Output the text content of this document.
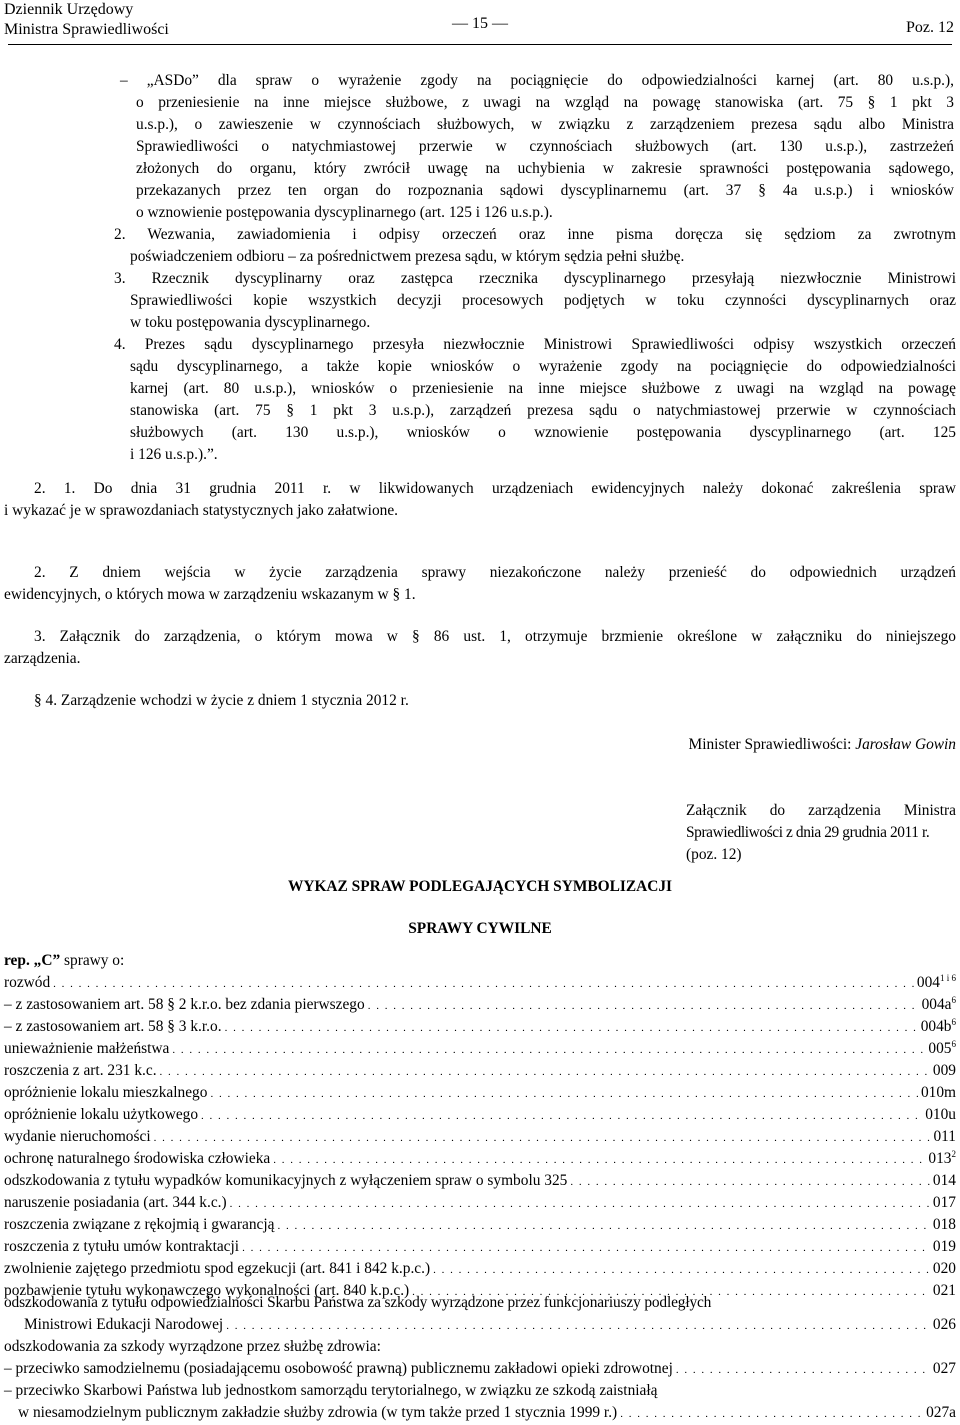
Dziennik Urzędowy
Ministra Sprawiedliwości	— 15 —	Poz. 12
– „ASDo” dla spraw o wyrażenie zgody na pociągnięcie do odpowiedzialności karnej (art. 80 u.s.p.),
o przeniesienie na inne miejsce służbowe, z uwagi na wzgląd na powagę stanowiska (art. 75 § 1 pkt 3
u.s.p.), o zawieszenie w czynnościach służbowych, w związku z zarządzeniem prezesa sądu albo Ministra
Sprawiedliwości o natychmiastowej przerwie w czynnościach służbowych (art. 130 u.s.p.), zastrzeżeń
złożonych do organu, który zwrócił uwagę na uchybienia w zakresie sprawności postępowania sądowego,
przekazanych przez ten organ do rozpoznania sądowi dyscyplinarnemu (art. 37 § 4a u.s.p.) i wniosków
o wznowienie postępowania dyscyplinarnego (art. 125 i 126 u.s.p.).
2. Wezwania, zawiadomienia i odpisy orzeczeń oraz inne pisma doręcza się sędziom za zwrotnym
poświadczeniem odbioru – za pośrednictwem prezesa sądu, w którym sędzia pełni służbę.
3. Rzecznik dyscyplinarny oraz zastępca rzecznika dyscyplinarnego przesyłają niezwłocznie Ministrowi
Sprawiedliwości kopie wszystkich decyzji procesowych podjętych w toku czynności dyscyplinarnych oraz
w toku postępowania dyscyplinarnego.
4. Prezes sądu dyscyplinarnego przesyła niezwłocznie Ministrowi Sprawiedliwości odpisy wszystkich orzeczeń
sądu dyscyplinarnego, a także kopie wniosków o wyrażenie zgody na pociągnięcie do odpowiedzialności
karnej (art. 80 u.s.p.), wniosków o przeniesienie na inne miejsce służbowe z uwagi na wzgląd na powagę
stanowiska (art. 75 § 1 pkt 3 u.s.p.), zarządzeń prezesa sądu o natychmiastowej przerwie w czynnościach
służbowych (art. 130 u.s.p.), wniosków o wznowienie postępowania dyscyplinarnego (art. 125
i 126 u.s.p.).”.
2. 1. Do dnia 31 grudnia 2011 r. w likwidowanych urządzeniach ewidencyjnych należy dokonać zakreślenia spraw
i wykazać je w sprawozdaniach statystycznych jako załatwione.
2. Z dniem wejścia w życie zarządzenia sprawy niezakończone należy przenieść do odpowiednich urządzeń
ewidencyjnych, o których mowa w zarządzeniu wskazanym w § 1.
3. Załącznik do zarządzenia, o którym mowa w § 86 ust. 1, otrzymuje brzmienie określone w załączniku do niniejszego
zarządzenia.
§ 4. Zarządzenie wchodzi w życie z dniem 1 stycznia 2012 r.
Minister Sprawiedliwości: Jarosław Gowin
Załącznik do zarządzenia Ministra
Sprawiedliwości z dnia 29 grudnia 2011 r.
(poz. 12)
WYKAZ SPRAW PODLEGAJĄCYCH SYMBOLIZACJI
SPRAWY CYWILNE
rep. „C” sprawy o:
rozwód . . .	$004^{1 i 6}$
– z zastosowaniem art. 58 § 2 k.r.o. bez zdania pierwszego . . .	$004a^6$
– z zastosowaniem art. 58 § 3 k.r.o. . . .	$004b^6$
unieważnienie małżeństwa . . .	$005^6$
roszczenia z art. 231 k.c. . . .	009
opróżnienie lokalu mieszkalnego . . .	010m
opróżnienie lokalu użytkowego . . .	010u
wydanie nieruchomości . . .	011
ochronę naturalnego środowiska człowieka . . .	$013^2$
odszkodowania z tytułu wypadków komunikacyjnych z wyłączeniem spraw o symbolu 325 . . .	014
naruszenie posiadania (art. 344 k.c.) . . .	017
roszczenia związane z rękojmią i gwarancją . . .	018
roszczenia z tytułu umów kontraktacji . . .	019
zwolnienie zajętego przedmiotu spod egzekucji (art. 841 i 842 k.p.c.) . . .	020
pozbawienie tytułu wykonawczego wykonalności (art. 840 k.p.c.) . . .	021
odszkodowania z tytułu odpowiedzialności Skarbu Państwa za szkody wyrządzone przez funkcjonariuszy podległych
Ministrowi Edukacji Narodowej . . .	026
odszkodowania za szkody wyrządzone przez służbę zdrowia:
– przeciwko samodzielnemu (posiadającemu osobowość prawną) publicznemu zakładowi opieki zdrowotnej . . .	027
– przeciwko Skarbowi Państwa lub jednostkom samorządu terytorialnego, w związku ze szkodą zaistniałą
w niesamodzielnym publicznym zakładzie służby zdrowia (w tym także przed 1 stycznia 1999 r.) . . .	027a
